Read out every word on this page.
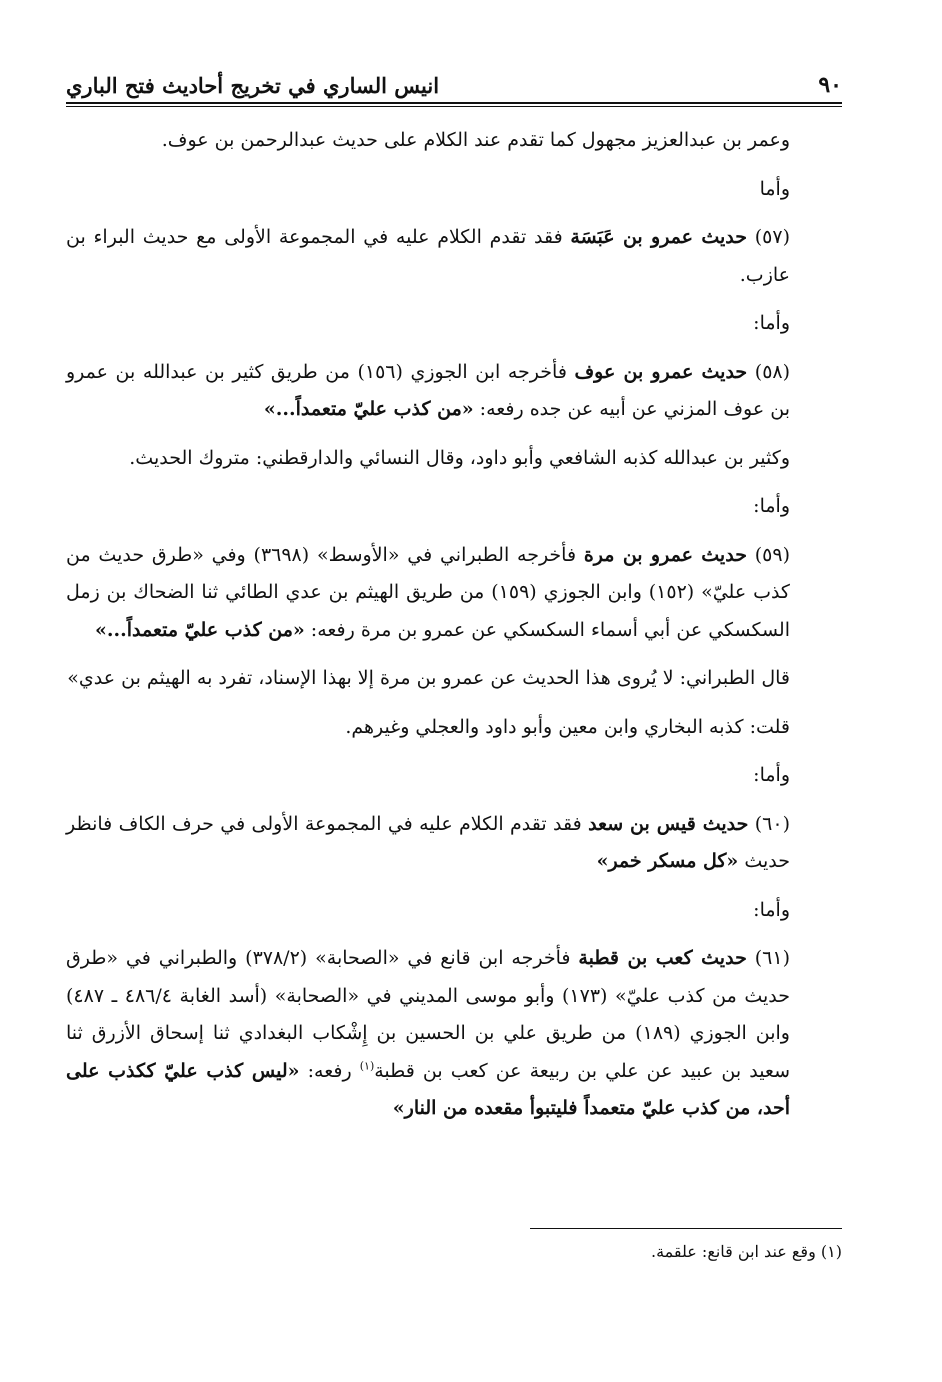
٩٠
انيس الساري في تخريج أحاديث فتح الباري

وعمر بن عبدالعزيز مجهول كما تقدم عند الكلام على حديث عبدالرحمن بن عوف.

وأما

(٥٧) حديث عمرو بن عَبَسَة فقد تقدم الكلام عليه في المجموعة الأولى مع حديث البراء بن عازب.

وأما:

(٥٨) حديث عمرو بن عوف فأخرجه ابن الجوزي (١٥٦) من طريق كثير بن عبدالله بن عمرو بن عوف المزني عن أبيه عن جده رفعه: «من كذب عليّ متعمداً...»

وكثير بن عبدالله كذبه الشافعي وأبو داود، وقال النسائي والدارقطني: متروك الحديث.

وأما:

(٥٩) حديث عمرو بن مرة فأخرجه الطبراني في «الأوسط» (٣٦٩٨) وفي «طرق حديث من كذب عليّ» (١٥٢) وابن الجوزي (١٥٩) من طريق الهيثم بن عدي الطائي ثنا الضحاك بن زمل السكسكي عن أبي أسماء السكسكي عن عمرو بن مرة رفعه: «من كذب عليّ متعمداً...»

قال الطبراني: لا يُروى هذا الحديث عن عمرو بن مرة إلا بهذا الإسناد، تفرد به الهيثم بن عدي»

قلت: كذبه البخاري وابن معين وأبو داود والعجلي وغيرهم.

وأما:

(٦٠) حديث قيس بن سعد فقد تقدم الكلام عليه في المجموعة الأولى في حرف الكاف فانظر حديث «كل مسكر خمر»

وأما:

(٦١) حديث كعب بن قطبة فأخرجه ابن قانع في «الصحابة» (٣٧٨/٢) والطبراني في «طرق حديث من كذب عليّ» (١٧٣) وأبو موسى المديني في «الصحابة» (أسد الغابة ٤٨٦/٤ ـ ٤٨٧) وابن الجوزي (١٨٩) من طريق علي بن الحسين بن إِشْكاب البغدادي ثنا إسحاق الأزرق ثنا سعيد بن عبيد عن علي بن ربيعة عن كعب بن قطبة$^{(١)}$ رفعه: «ليس كذب عليّ ككذب على أحد، من كذب عليّ متعمداً فليتبوأ مقعده من النار»

(١) وقع عند ابن قانع: علقمة.
